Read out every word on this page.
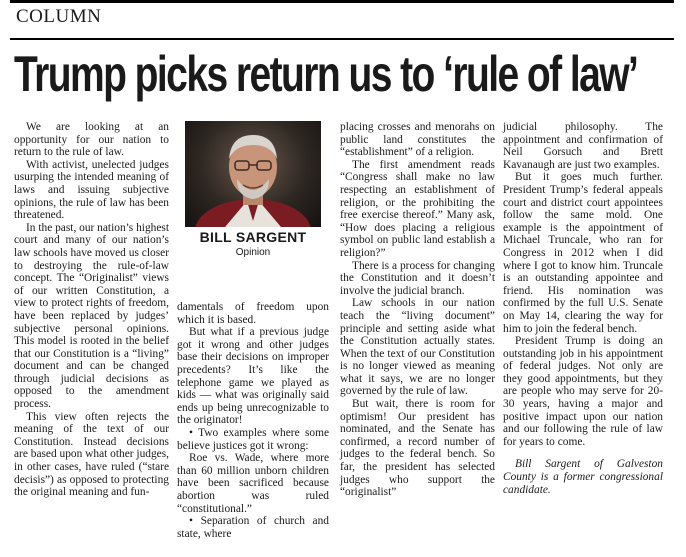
COLUMN
Trump picks return us to ‘rule of law’

We are looking at an opportunity for our nation to return to the rule of law.

With activist, unelected judges usurping the intended meaning of laws and issuing subjective opinions, the rule of law has been threatened.

In the past, our nation’s highest court and many of our nation’s law schools have moved us closer to destroying the rule-of-law concept. The “Originalist” views of our written Constitution, a view to protect rights of freedom, have been replaced by judges’ subjective personal opinions. This model is rooted in the belief that our Constitution is a “living” document and can be changed through judicial decisions as opposed to the amendment process.

This view often rejects the meaning of the text of our Constitution. Instead decisions are based upon what other judges, in other cases, have ruled (“stare decisis”) as opposed to protecting the original meaning and fun-

BILL SARGENT
Opinion

damentals of freedom upon which it is based.

But what if a previous judge got it wrong and other judges base their decisions on improper precedents? It’s like the telephone game we played as kids — what was originally said ends up being unrecognizable to the originator!

• Two examples where some believe justices got it wrong:

Roe vs. Wade, where more than 60 million unborn children have been sacrificed because abortion was ruled “constitutional.”

• Separation of church and state, where

placing crosses and menorahs on public land constitutes the “establishment” of a religion.

The first amendment reads “Congress shall make no law respecting an establishment of religion, or the prohibiting the free exercise thereof.” Many ask, “How does placing a religious symbol on public land establish a religion?”

There is a process for changing the Constitution and it doesn’t involve the judicial branch.

Law schools in our nation teach the “living document” principle and setting aside what the Constitution actually states. When the text of our Constitution is no longer viewed as meaning what it says, we are no longer governed by the rule of law.

But wait, there is room for optimism! Our president has nominated, and the Senate has confirmed, a record number of judges to the federal bench. So far, the president has selected judges who support the “originalist”

judicial philosophy. The appointment and confirmation of Neil Gorsuch and Brett Kavanaugh are just two examples.

But it goes much further. President Trump’s federal appeals court and district court appointees follow the same mold. One example is the appointment of Michael Truncale, who ran for Congress in 2012 when I did where I got to know him. Truncale is an outstanding appointee and friend. His nomination was confirmed by the full U.S. Senate on May 14, clearing the way for him to join the federal bench.

President Trump is doing an outstanding job in his appointment of federal judges. Not only are they good appointments, but they are people who may serve for 20-30 years, having a major and positive impact upon our nation and our following the rule of law for years to come.

Bill Sargent of Galveston County is a former congressional candidate.
